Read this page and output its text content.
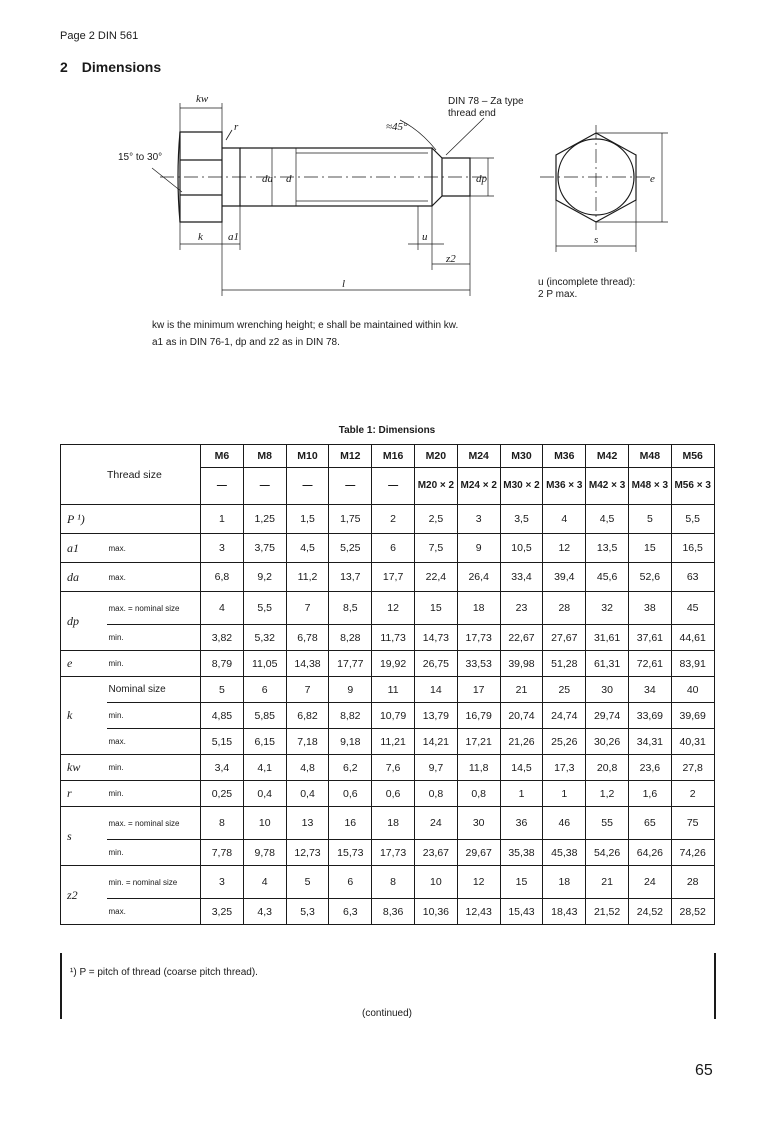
Page 2 DIN 561
2 Dimensions
kw
15° to 30°
r
da d
≈45°
DIN 78 – Za type
thread end
dp
k a1	u
z2
l
e
s
u (incomplete thread):
2 P max.
kw is the minimum wrenching height; e shall be maintained within kw.
a1 as in DIN 76-1, dp and z2 as in DIN 78.
Table 1: Dimensions
Thread size		M6	M8	M10	M12	M16	M20	M24	M30	M36	M42	M48	M56
		—	—	—	—	—	M20 × 2	M24 × 2	M30 × 2	M36 × 3	M42 × 3	M48 × 3	M56 × 3
P ¹)		1	1,25	1,5	1,75	2	2,5	3	3,5	4	4,5	5	5,5
a1	max.	3	3,75	4,5	5,25	6	7,5	9	10,5	12	13,5	15	16,5
da	max.	6,8	9,2	11,2	13,7	17,7	22,4	26,4	33,4	39,4	45,6	52,6	63
dp	max. = nominal size	4	5,5	7	8,5	12	15	18	23	28	32	38	45
	min.	3,82	5,32	6,78	8,28	11,73	14,73	17,73	22,67	27,67	31,61	37,61	44,61
e	min.	8,79	11,05	14,38	17,77	19,92	26,75	33,53	39,98	51,28	61,31	72,61	83,91
k	Nominal size	5	6	7	9	11	14	17	21	25	30	34	40
	min.	4,85	5,85	6,82	8,82	10,79	13,79	16,79	20,74	24,74	29,74	33,69	39,69
	max.	5,15	6,15	7,18	9,18	11,21	14,21	17,21	21,26	25,26	30,26	34,31	40,31
kw	min.	3,4	4,1	4,8	6,2	7,6	9,7	11,8	14,5	17,3	20,8	23,6	27,8
r	min.	0,25	0,4	0,4	0,6	0,6	0,8	0,8	1	1	1,2	1,6	2
s	max. = nominal size	8	10	13	16	18	24	30	36	46	55	65	75
	min.	7,78	9,78	12,73	15,73	17,73	23,67	29,67	35,38	45,38	54,26	64,26	74,26
z2	min. = nominal size	3	4	5	6	8	10	12	15	18	21	24	28
	max.	3,25	4,3	5,3	6,3	8,36	10,36	12,43	15,43	18,43	21,52	24,52	28,52
¹) P = pitch of thread (coarse pitch thread).
(continued)
65
